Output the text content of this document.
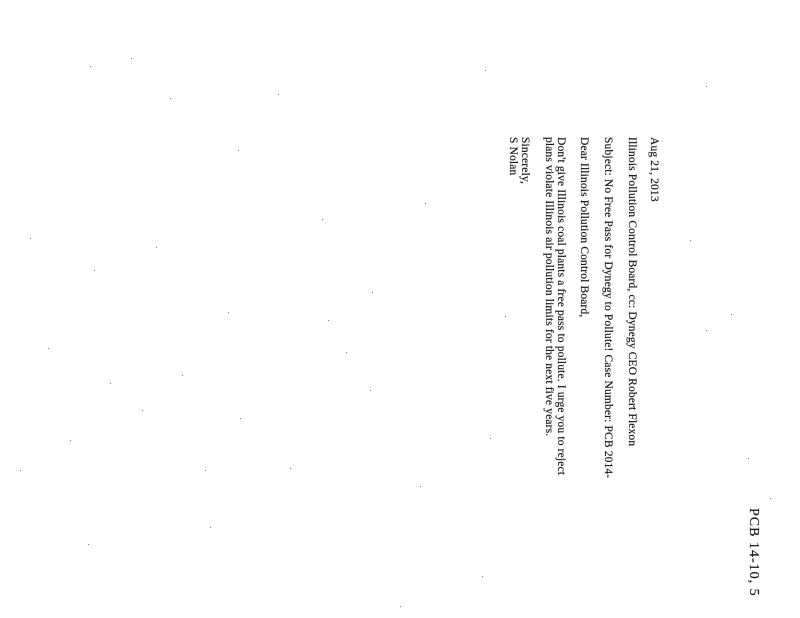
PCB 14-10, 5
Aug 21, 2013
Illinois Pollution Control Board, cc: Dynegy CEO Robert Flexon
Subject: No Free Pass for Dynegy to Pollute! Case Number: PCB 2014-
Dear Illinois Pollution Control Board,
Don't give Illinois coal plants a free pass to pollute. I urge you to reject
plans violate Illinois air pollution limits for the next five years.
Sincerely,
S Nolan
